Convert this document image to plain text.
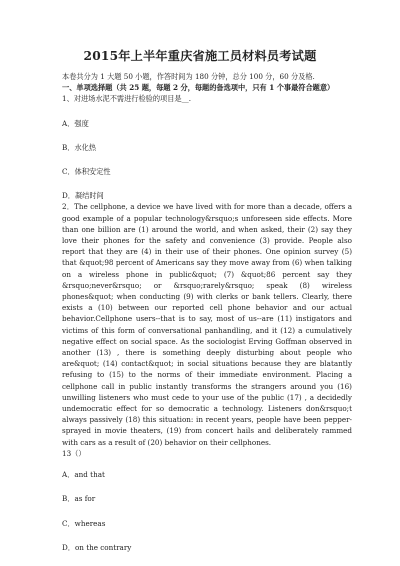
2015年上半年重庆省施工员材料员考试题

本卷共分为 1 大题 50 小题，作答时间为 180 分钟，总分 100 分，60 分及格.

一、单项选择题（共 25 题，每题 2 分，每题的备选项中，只有 1 个事最符合题意）

1、对进场水泥不需进行检验的项目是__.

A．强度

B．水化热

C．体积安定性

D．凝结时间

2．The cellphone, a device we have lived with for more than a decade, offers a good example of a popular technology&rsquo;s unforeseen side effects. More than one billion are (1) around the world, and when asked, their (2) say they love their phones for the safety and convenience (3) provide. People also report that they are (4) in their use of their phones. One opinion survey (5) that &quot;98 percent of Americans say they move away from (6) when talking on a wireless phone in public&quot; (7) &quot;86 percent say they &rsquo;never&rsquo; or &rsquo;rarely&rsquo; speak (8) wireless phones&quot; when conducting (9) with clerks or bank tellers. Clearly, there exists a (10) between our reported cell phone behavior and our actual behavior.Cellphone users--that is to say, most of us--are (11) instigators and victims of this form of conversational panhandling, and it (12) a cumulatively negative effect on social space. As the sociologist Erving Goffman observed in another (13) , there is something deeply disturbing about people who are&quot; (14) contact&quot; in social situations because they are blatantly refusing to (15) to the norms of their immediate environment. Placing a cellphone call in public instantly transforms the strangers around you (16) unwilling listeners who must cede to your use of the public (17) , a decidedly undemocratic effect for so democratic a technology. Listeners don&rsquo;t always passively (18) this situation: in recent years, people have been pepper-sprayed in movie theaters, (19) from concert hails and deliberately rammed with cars as a result of (20) behavior on their cellphones.

13（）

A．and that

B．as for

C．whereas

D．on the contrary
